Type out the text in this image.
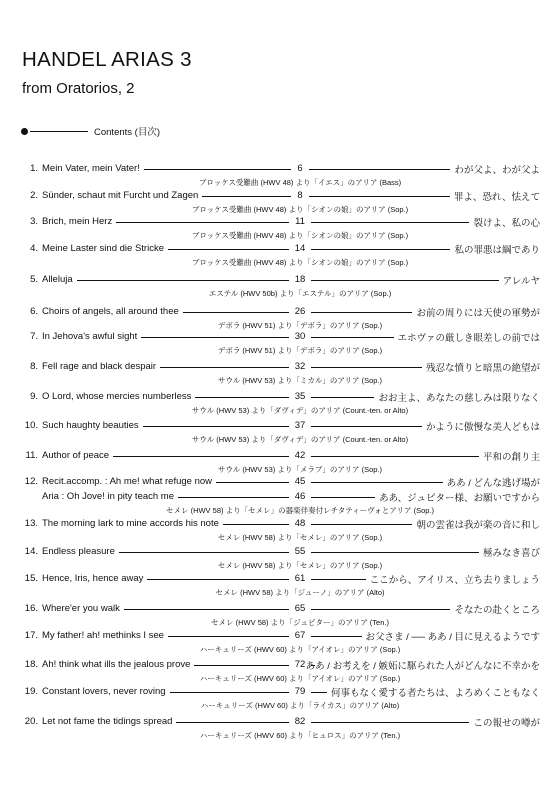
HANDEL ARIAS 3
from Oratorios, 2
Contents (目次)
1. Mein Vater, mein Vater!	6	わが父よ、わが父よ
ブロッケス受難曲 (HWV 48) より「イエス」のアリア (Bass)
2. Sünder, schaut mit Furcht und Zagen	8	罪よ、恐れ、怯えて
ブロッケス受難曲 (HWV 48) より「シオンの娘」のアリア (Sop.)
3. Brich, mein Herz	11	裂けよ、私の心
ブロッケス受難曲 (HWV 48) より「シオンの娘」のアリア (Sop.)
4. Meine Laster sind die Stricke	14	私の罪悪は綱であり
ブロッケス受難曲 (HWV 48) より「シオンの娘」のアリア (Sop.)
5. Alleluja	18	アレルヤ
エステル (HWV 50b) より「エステル」のアリア (Sop.)
6. Choirs of angels, all around thee	26	お前の周りには天使の軍勢が
デボラ (HWV 51) より「デボラ」のアリア (Sop.)
7. In Jehova's awful sight	30	エホヴァの厳しき眼差しの前では
デボラ (HWV 51) より「デボラ」のアリア (Sop.)
8. Fell rage and black despair	32	残忍な憤りと暗黒の絶望が
サウル (HWV 53) より「ミカル」のアリア (Sop.)
9. O Lord, whose mercies numberless	35	おお主よ、あなたの慈しみは限りなく
サウル (HWV 53) より「ダヴィデ」のアリア (Count.-ten. or Alto)
10. Such haughty beauties	37	かように傲慢な美人どもは
サウル (HWV 53) より「ダヴィデ」のアリア (Count.-ten. or Alto)
11. Author of peace	42	平和の創り主
サウル (HWV 53) より「メラブ」のアリア (Sop.)
12. Recit.accomp. : Ah me! what refuge now	45	ああ / どんな逃げ場が
Aria : Oh Jove! in pity teach me	46	ああ、ジュピター様、お願いですから
セメレ (HWV 58) より「セメレ」の器楽伴奏付レチタティーヴォとアリア (Sop.)
13. The morning lark to mine accords his note	48	朝の雲雀は我が楽の音に和し
セメレ (HWV 58) より「セメレ」のアリア (Sop.)
14. Endless pleasure	55	極みなき喜び
セメレ (HWV 58) より「セメレ」のアリア (Sop.)
15. Hence, Iris, hence away	61	ここから、アイリス、立ち去りましょう
セメレ (HWV 58) より「ジューノ」のアリア (Alto)
16. Where'er you walk	65	そなたの赴くところ
セメレ (HWV 58) より「ジュピター」のアリア (Ten.)
17. My father! ah! methinks I see	67	お父さま / ── ああ / 目に見えるようです
ハーキュリーズ (HWV 60) より「アイオレ」のアリア (Sop.)
18. Ah! think what ills the jealous prove	72 ああ / お考えを / 嫉妬に駆られた人がどんなに不幸かを
ハーキュリーズ (HWV 60) より「アイオレ」のアリア (Sop.)
19. Constant lovers, never roving	79	何事もなく愛する者たちは、よろめくこともなく
ハーキュリーズ (HWV 60) より「ライカス」のアリア (Alto)
20. Let not fame the tidings spread	82	この報せの噂が
ハーキュリーズ (HWV 60) より「ヒュロス」のアリア (Ten.)
